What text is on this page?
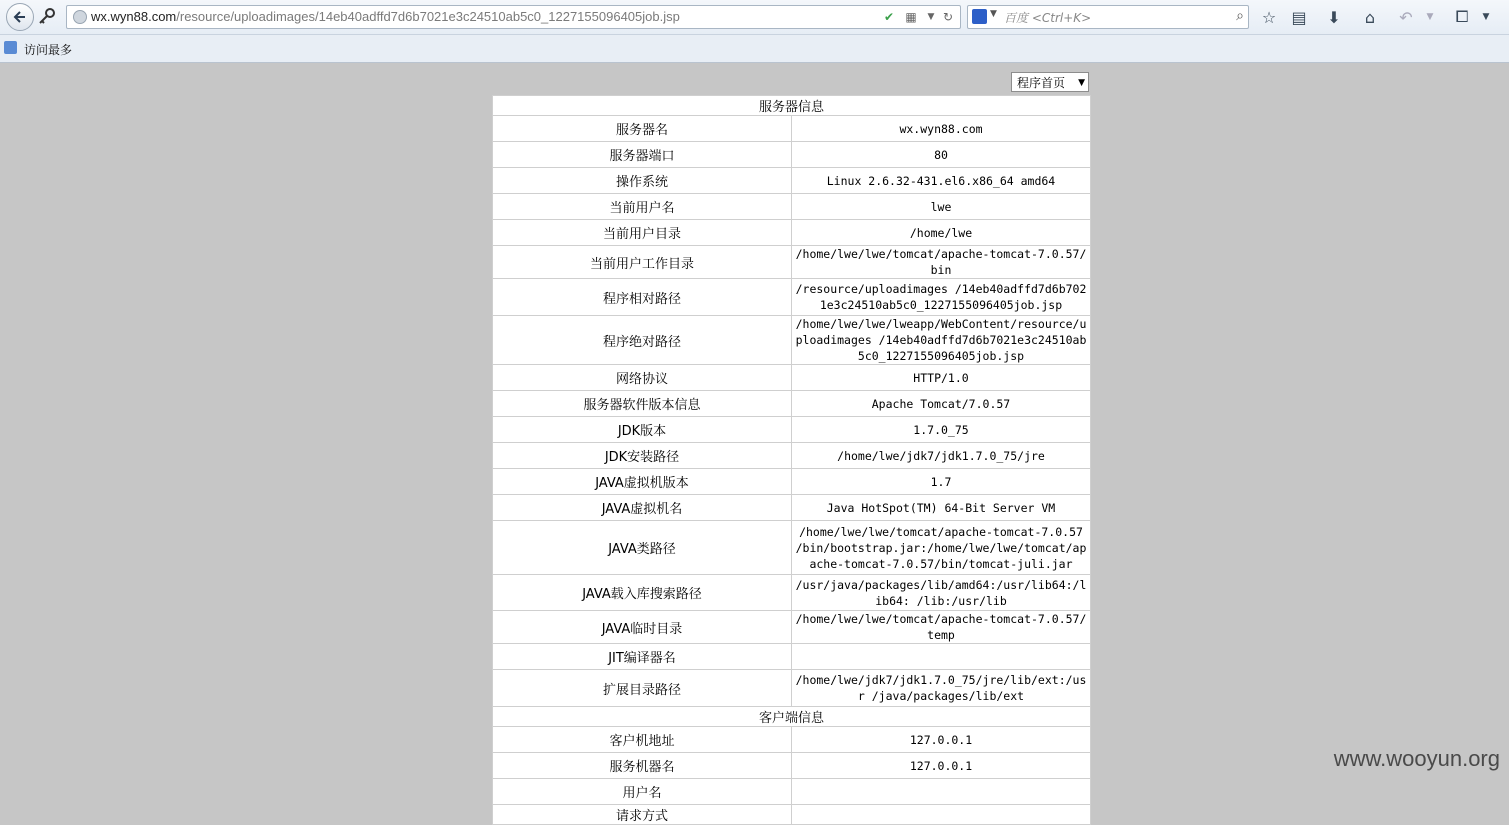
wx.wyn88.com/resource/uploadimages/14eb40adffd7d6b7021e3c24510ab5c0_1227155096405job.jsp	✔ ▦	▼ ↻	▼ 百度 <Ctrl+K>	⌕ ☆ ▤ ⬇	⌂	↶	▼	⧠	▼
访问最多
程序首页 ▼
服务器信息	
服务器名	wx.wyn88.com
服务器端口	80
操作系统	Linux 2.6.32-431.el6.x86_64 amd64
当前用户名	lwe
当前用户目录	/home/lwe
当前用户工作目录	/home/lwe/lwe/tomcat/apache-tomcat-7.0.57/bin
程序相对路径	/resource/uploadimages /14eb40adffd7d6b7021e3c24510ab5c0_1227155096405job.jsp
程序绝对路径	/home/lwe/lwe/lweapp/WebContent/resource/uploadimages /14eb40adffd7d6b7021e3c24510ab5c0_1227155096405job.jsp
网络协议	HTTP/1.0
服务器软件版本信息	Apache Tomcat/7.0.57
JDK版本	1.7.0_75
JDK安装路径	/home/lwe/jdk7/jdk1.7.0_75/jre
JAVA虚拟机版本	1.7
JAVA虚拟机名	Java HotSpot(TM) 64-Bit Server VM
JAVA类路径	/home/lwe/lwe/tomcat/apache-tomcat-7.0.57 /bin/bootstrap.jar:/home/lwe/lwe/tomcat/apache-tomcat-7.0.57/bin/tomcat-juli.jar
JAVA载入库搜索路径	/usr/java/packages/lib/amd64:/usr/lib64:/lib64: /lib:/usr/lib
JAVA临时目录	/home/lwe/lwe/tomcat/apache-tomcat-7.0.57/temp
JIT编译器名	
扩展目录路径	/home/lwe/jdk7/jdk1.7.0_75/jre/lib/ext:/usr /java/packages/lib/ext
客户端信息	
客户机地址	127.0.0.1
服务机器名	127.0.0.1
用户名	
请求方式	
www.wooyun.org
